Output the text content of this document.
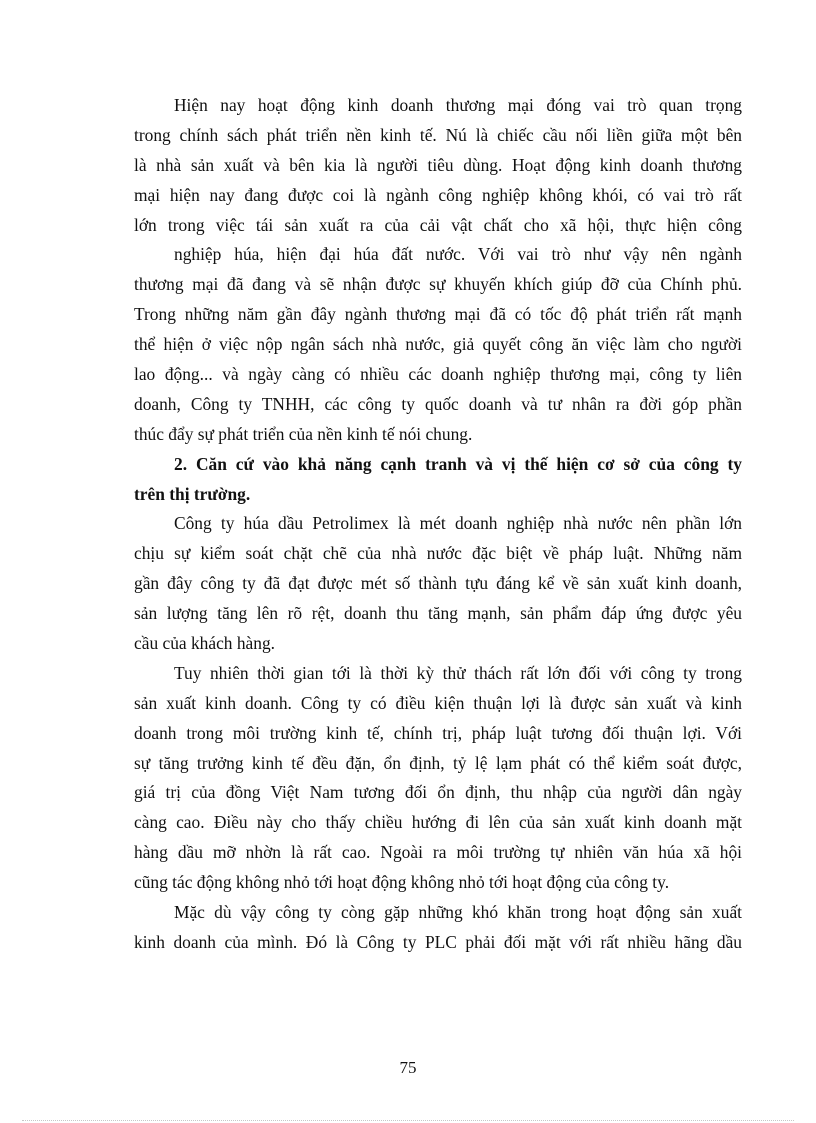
Hiện nay hoạt động kinh doanh thương mại đóng vai trò quan trọng
trong chính sách phát triển nền kinh tế. Nú là chiếc cầu nối liền giữa một bên
là nhà sản xuất và bên kia là người tiêu dùng. Hoạt động kinh doanh thương
mại hiện nay đang được coi là ngành công nghiệp không khói, có vai trò rất
lớn trong việc tái sản xuất ra của cải vật chất cho xã hội, thực hiện công
nghiệp húa, hiện đại húa đất nước. Với vai trò như vậy nên ngành
thương mại đã đang và sẽ nhận được sự khuyến khích giúp đỡ của Chính phủ.
Trong những năm gần đây ngành thương mại đã có tốc độ phát triển rất mạnh
thể hiện ở việc nộp ngân sách nhà nước, giả quyết công ăn việc làm cho người
lao động... và ngày càng có nhiều các doanh nghiệp thương mại, công ty liên
doanh, Công ty TNHH, các công ty quốc doanh và tư nhân ra đời góp phần
thúc đẩy sự phát triển của nền kinh tế nói chung.

2. Căn cứ vào khả năng cạnh tranh và vị thế hiện cơ sở của công ty
trên thị trường.

Công ty húa dầu Petrolimex là mét doanh nghiệp nhà nước nên phần lớn
chịu sự kiểm soát chặt chẽ của nhà nước đặc biệt về pháp luật. Những năm
gần đây công ty đã đạt được mét số thành tựu đáng kể về sản xuất kinh doanh,
sản lượng tăng lên rõ rệt, doanh thu tăng mạnh, sản phẩm đáp ứng được yêu
cầu của khách hàng.

Tuy nhiên thời gian tới là thời kỳ thử thách rất lớn đối với công ty trong
sản xuất kinh doanh. Công ty có điều kiện thuận lợi là được sản xuất và kinh
doanh trong môi trường kinh tế, chính trị, pháp luật tương đối thuận lợi. Với
sự tăng trưởng kinh tế đều đặn, ổn định, tỷ lệ lạm phát có thể kiểm soát được,
giá trị của đồng Việt Nam tương đối ổn định, thu nhập của người dân ngày
càng cao. Điều này cho thấy chiều hướng đi lên của sản xuất kinh doanh mặt
hàng dầu mỡ nhờn là rất cao. Ngoài ra môi trường tự nhiên văn húa xã hội
cũng tác động không nhỏ tới hoạt động không nhỏ tới hoạt động của công ty.

Mặc dù vậy công ty còng gặp những khó khăn trong hoạt động sản xuất
kinh doanh của mình. Đó là Công ty PLC phải đối mặt với rất nhiều hãng dầu

75
